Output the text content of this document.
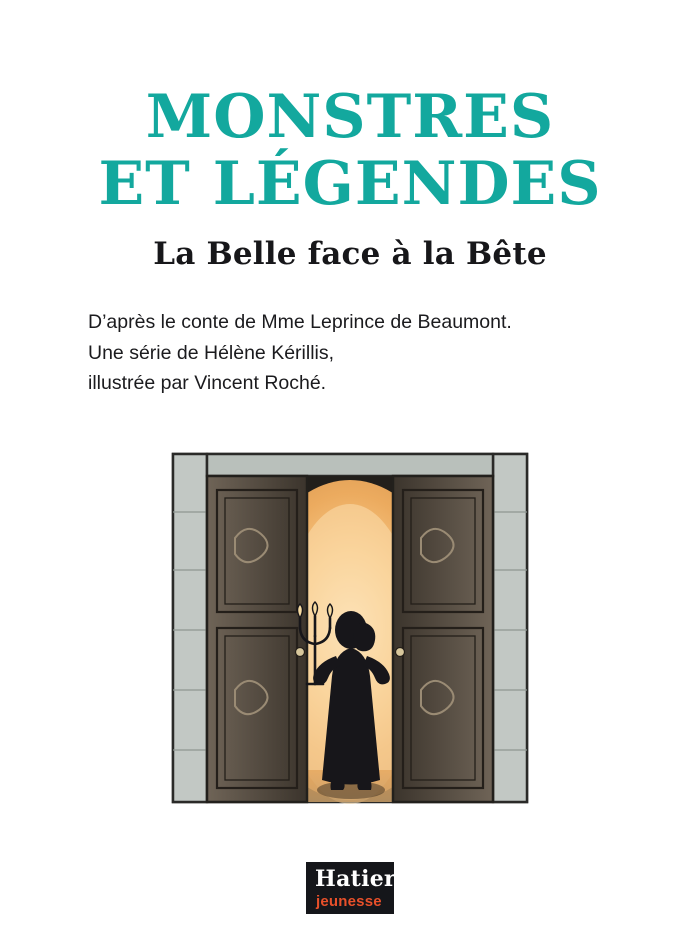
MONSTRES
ET LÉGENDES
La Belle face à la Bête
D’après le conte de Mme Leprince de Beaumont.
Une série de Hélène Kérillis,
illustrée par Vincent Roché.
Hatier
jeunesse
